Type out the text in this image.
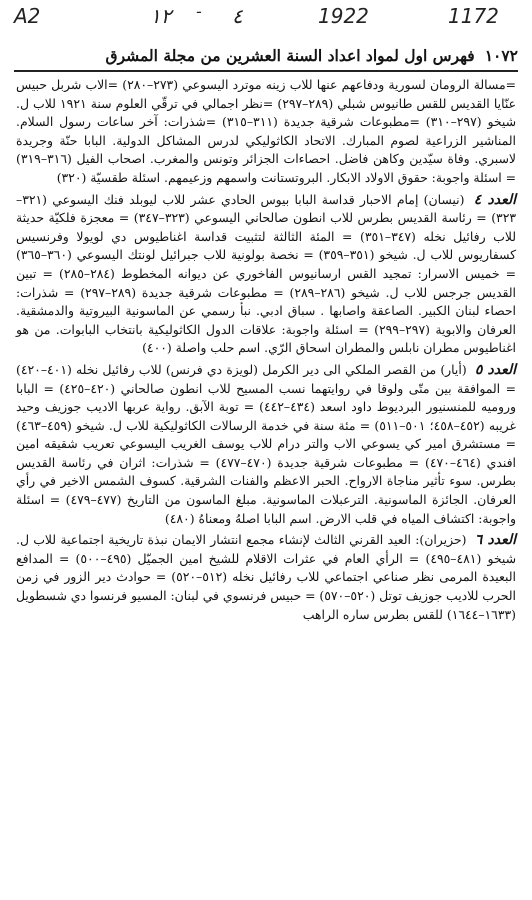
A2	١٢ - ٤	1922	1172
١٠٧٢
فهرس اول لمواد اعداد السنة العشرين من مجلة المشرق

=مسالة الرومان لسورية ودفاعهم عنها للاب زينه موترد اليسوعي (٢٧٣–٢٨٠) =الاب شربل حبيس عنّايا القديس للقس طانيوس شبلي (٢٨٩–٢٩٧) =نظر اجمالي في ترقّي العلوم سنة ١٩٢١ للاب ل. شيخو (٢٩٧–٣١٠) =مطبوعات شرقية جديدة (٣١١–٣١٥) =شذرات: آخر ساعات رسول السلام. المناشير الزراعية لصوم المبارك. الاتحاد الكاثوليكي لدرس المشاكل الدولية. البابا حنّة وجريدة لاسبري. وفاة سيّدين وكاهن فاضل. احصاءات الجزائر وتونس والمغرب. اصحاب الفيل (٣١٦–٣١٩) = اسئلة واجوبة: حقوق الاولاد الابكار. البروتستانت واسمهم وزعيمهم. اسئلة طقسيّة (٣٢٠)

العدد ٤ (نيسان) إمام الاحبار قداسة البابا بيوس الحادي عشر للاب ليوبلد فنك اليسوعي (٣٢١–٣٢٣) = رئاسة القديس بطرس للاب انطون صالحاني اليسوعي (٣٢٣–٣٤٧) = معجزة فلكيّة حديثة للاب رفائيل نخله (٣٤٧–٣٥١) = المئة الثالثة لتثبيت قداسة اغناطيوس دي لويولا وفرنسيس كسفاريوس للاب ل. شيخو (٣٥١–٣٥٩) = نخصة بولونية للاب جبرائيل لونتك اليسوعي (٣٦٠–٣٦٥) = خميس الاسرار: تمجيد القس ارسانيوس الفاخوري عن ديوانه المخطوط (٢٨٤–٢٨٥) = تبين القديس جرجس للاب ل. شيخو (٢٨٦–٢٨٩) = مطبوعات شرقية جديدة (٢٨٩–٢٩٧) = شذرات: احصاء لبنان الكبير. الصاعقة واصابها . سباق ادبي. نبأ رسمي عن الماسونية البيروتية والدمشقية. العرفان والابوية (٢٩٧–٢٩٩) = اسئلة واجوبة: علاقات الدول الكاثوليكية بانتخاب البابوات. من هو اغناطيوس مطران نابلس والمطران اسحاق الرّي. اسم حلب واصلة (٤٠٠)

العدد ٥ (أيار) من القصر الملكي الى دير الكرمل (لويزة دي فرنس) للاب رفائيل نخله (٤٠١–٤٢٠) = الموافقة بين متّى ولوقا في روايتهما نسب المسيح للاب انطون صالحاني (٤٢٠–٤٢٥) = البابا وروميه للمنسنيور البرديوط داود اسعد (٤٣٤–٤٤٢) = توبة الآبق. رواية عربها الاديب جوزيف وحيد غريبه (٤٥٢–٤٥٨؛ ٥٠١–٥١١) = مئة سنة في خدمة الرسالات الكاثوليكية للاب ل. شيخو (٤٥٩–٤٦٣) = مستشرق امير كي يسوعي الاب والتر درام للاب يوسف الغريب اليسوعي تعريب شقيقه امين افندي (٤٦٤–٤٧٠) = مطبوعات شرقية جديدة (٤٧٠–٤٧٧) = شذرات: اثران في رئاسة القديس بطرس. سوء تأثير مناجاة الارواح. الحبر الاعظم والفنات الشرقية. كسوف الشمس الاخير في رأي العرفان. الجائزة الماسونية. الترعبلات الماسونية. مبلغ الماسون من التاريخ (٤٧٧–٤٧٩) = اسئلة واجوبة: اكتشاف المياه في قلب الارض. اسم البابا اصلهُ ومعناهُ (٤٨٠)

العدد ٦ (حزيران): العيد القرني الثالث لإنشاء مجمع انتشار الايمان نبذة تاريخية اجتماعية للاب ل. شيخو (٤٨١–٤٩٥) = الرأي العام في عثرات الاقلام للشيخ امين الجميّل (٤٩٥–٥٠٠) = المدافع البعيدة المرمى نظر صناعي اجتماعي للاب رفائيل نخله (٥١٢–٥٢٠) = حوادث دير الزور في زمن الحرب للاديب جوزيف توتل (٥٢٠–٥٧٠) = حبيس فرنسوي في لبنان: المسيو فرنسوا دي شسطويل (١٦٣٣–١٦٤٤) للقس بطرس ساره الراهب
